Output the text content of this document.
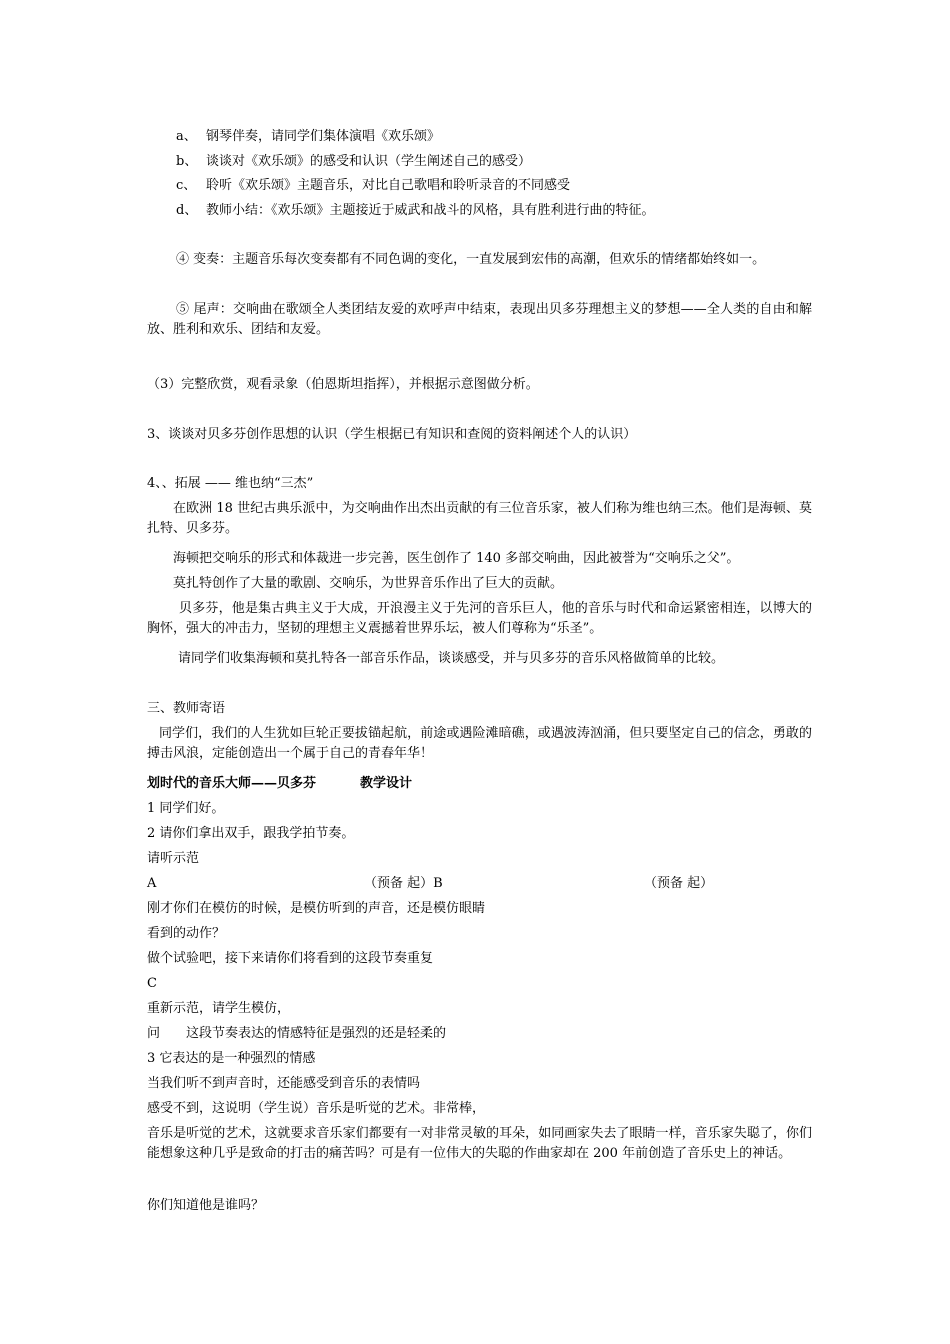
a、 钢琴伴奏，请同学们集体演唱《欢乐颂》
b、 谈谈对《欢乐颂》的感受和认识（学生阐述自己的感受）
c、 聆听《欢乐颂》主题音乐，对比自己歌唱和聆听录音的不同感受
d、 教师小结：《欢乐颂》主题接近于威武和战斗的风格，具有胜利进行曲的特征。
④ 变奏：主题音乐每次变奏都有不同色调的变化，一直发展到宏伟的高潮，但欢乐的情绪都始终如一。
⑤ 尾声：交响曲在歌颂全人类团结友爱的欢呼声中结束，表现出贝多芬理想主义的梦想——全人类的自由和解放、胜利和欢乐、团结和友爱。
（3）完整欣赏，观看录象（伯恩斯坦指挥），并根据示意图做分析。
3、谈谈对贝多芬创作思想的认识（学生根据已有知识和查阅的资料阐述个人的认识）
4、、拓展 —— 维也纳“三杰”
在欧洲 18 世纪古典乐派中，为交响曲作出杰出贡献的有三位音乐家，被人们称为维也纳三杰。他们是海顿、莫扎特、贝多芬。
海顿把交响乐的形式和体裁进一步完善，医生创作了 140 多部交响曲，因此被誉为“交响乐之父”。
莫扎特创作了大量的歌剧、交响乐，为世界音乐作出了巨大的贡献。
贝多芬，他是集古典主义于大成，开浪漫主义于先河的音乐巨人，他的音乐与时代和命运紧密相连，以博大的胸怀，强大的冲击力，坚韧的理想主义震撼着世界乐坛，被人们尊称为“乐圣”。
请同学们收集海顿和莫扎特各一部音乐作品，谈谈感受，并与贝多芬的音乐风格做简单的比较。
三、教师寄语
同学们，我们的人生犹如巨轮正要拔锚起航，前途或遇险滩暗礁，或遇波涛汹涌，但只要坚定自己的信念，勇敢的搏击风浪，定能创造出一个属于自己的青春年华！
划时代的音乐大师——贝多芬	教学设计
1 同学们好。
2 请你们拿出双手，跟我学拍节奏。
请听示范
A	（预备 起）B	（预备 起）
刚才你们在模仿的时候，是模仿听到的声音，还是模仿眼睛
看到的动作？
做个试验吧，接下来请你们将看到的这段节奏重复
C
重新示范，请学生模仿，
问　　这段节奏表达的情感特征是强烈的还是轻柔的
3 它表达的是一种强烈的情感
当我们听不到声音时，还能感受到音乐的表情吗
感受不到，这说明（学生说）音乐是听觉的艺术。非常棒，
音乐是听觉的艺术，这就要求音乐家们都要有一对非常灵敏的耳朵，如同画家失去了眼睛一样，音乐家失聪了，你们能想象这种几乎是致命的打击的痛苦吗？可是有一位伟大的失聪的作曲家却在 200 年前创造了音乐史上的神话。
你们知道他是谁吗？
